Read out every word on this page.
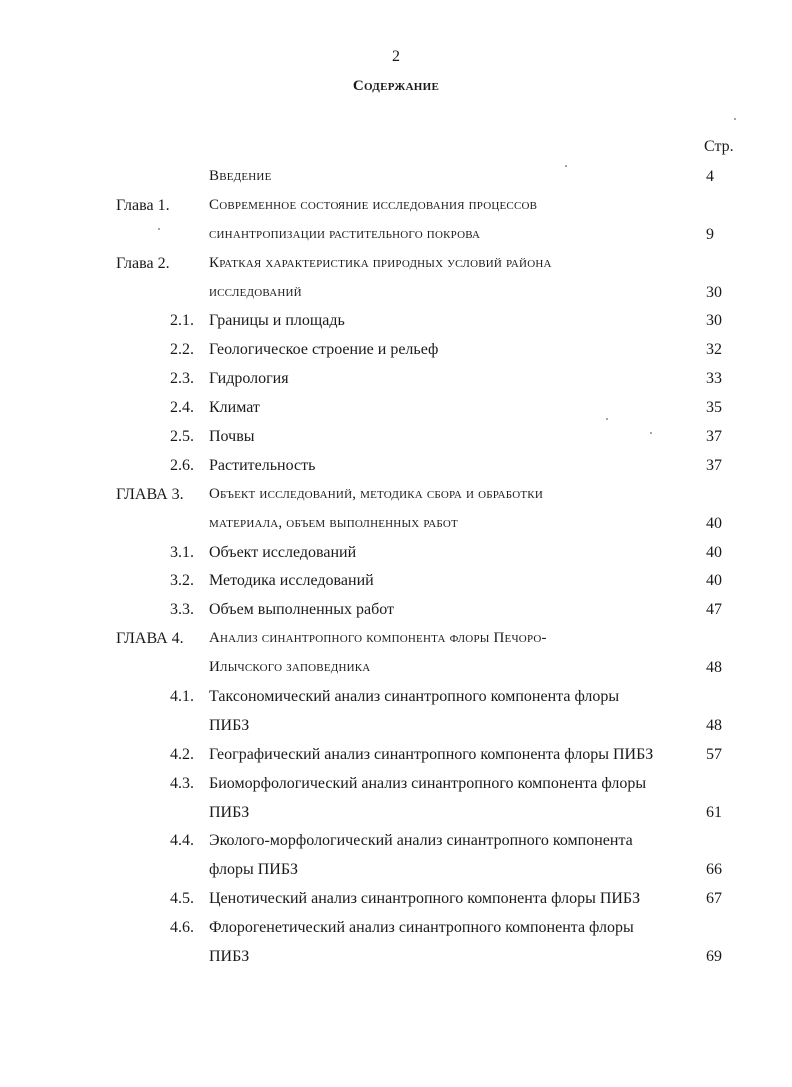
2
Содержание
Стр.
Введение	4
Глава 1.	Современное состояние исследования процессов
синантропизации растительного покрова	9
Глава 2.	Краткая характеристика природных условий района
исследований	30
2.1. Границы и площадь	30
2.2. Геологическое строение и рельеф	32
2.3. Гидрология	33
2.4. Климат	35
2.5. Почвы	37
2.6. Растительность	37
ГЛАВА 3.	Объект исследований, методика сбора и обработки
материала, объем выполненных работ	40
3.1. Объект исследований	40
3.2. Методика исследований	40
3.3. Объем выполненных работ	47
ГЛАВА 4.	Анализ синантропного компонента флоры Печоро-
Илычского заповедника	48
4.1. Таксономический анализ синантропного компонента флоры
ПИБЗ	48
4.2. Географический анализ синантропного компонента флоры ПИБЗ	57
4.3. Биоморфологический анализ синантропного компонента флоры
ПИБЗ	61
4.4. Эколого-морфологический анализ синантропного компонента
флоры ПИБЗ	66
4.5. Ценотический анализ синантропного компонента флоры ПИБЗ	67
4.6. Флорогенетический анализ синантропного компонента флоры
ПИБЗ	69
